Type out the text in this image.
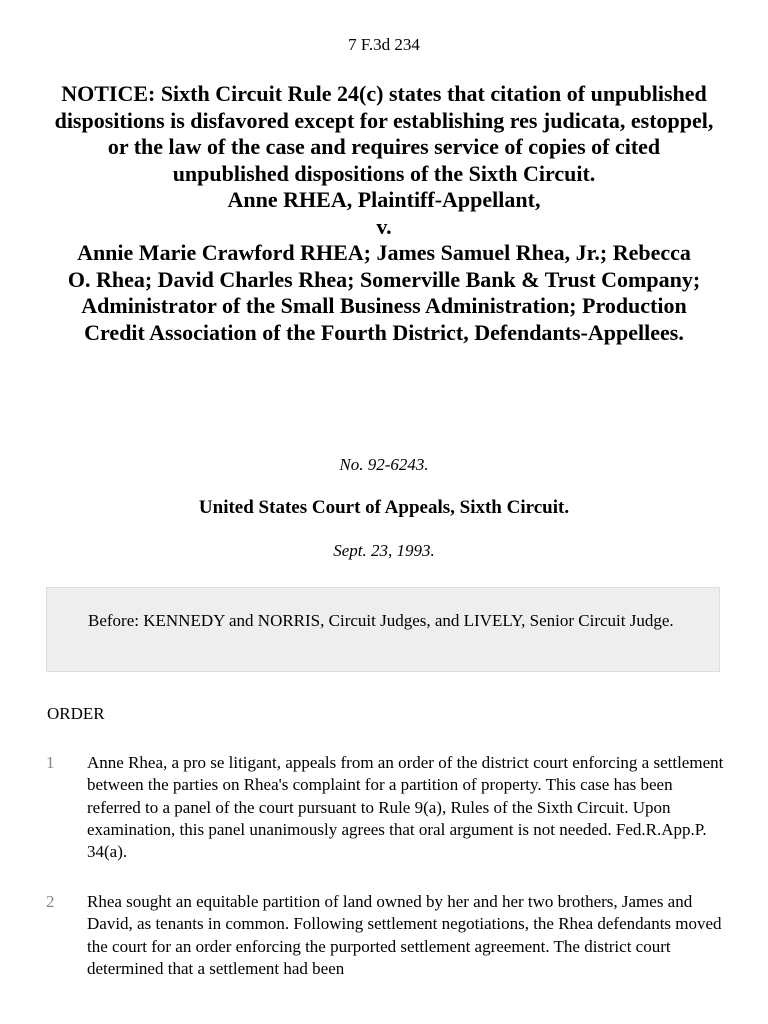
7 F.3d 234
NOTICE: Sixth Circuit Rule 24(c) states that citation of unpublished dispositions is disfavored except for establishing res judicata, estoppel, or the law of the case and requires service of copies of cited unpublished dispositions of the Sixth Circuit.
Anne RHEA, Plaintiff-Appellant,
v.
Annie Marie Crawford RHEA; James Samuel Rhea, Jr.; Rebecca
O. Rhea; David Charles Rhea; Somerville Bank & Trust Company; Administrator of the Small Business Administration; Production Credit Association of the Fourth District, Defendants-Appellees.
No. 92-6243.
United States Court of Appeals, Sixth Circuit.
Sept. 23, 1993.
Before: KENNEDY and NORRIS, Circuit Judges, and LIVELY, Senior Circuit Judge.
ORDER
1	Anne Rhea, a pro se litigant, appeals from an order of the district court enforcing a settlement between the parties on Rhea's complaint for a partition of property. This case has been referred to a panel of the court pursuant to Rule 9(a), Rules of the Sixth Circuit. Upon examination, this panel unanimously agrees that oral argument is not needed. Fed.R.App.P. 34(a).
2	Rhea sought an equitable partition of land owned by her and her two brothers, James and David, as tenants in common. Following settlement negotiations, the Rhea defendants moved the court for an order enforcing the purported settlement agreement. The district court determined that a settlement had been
